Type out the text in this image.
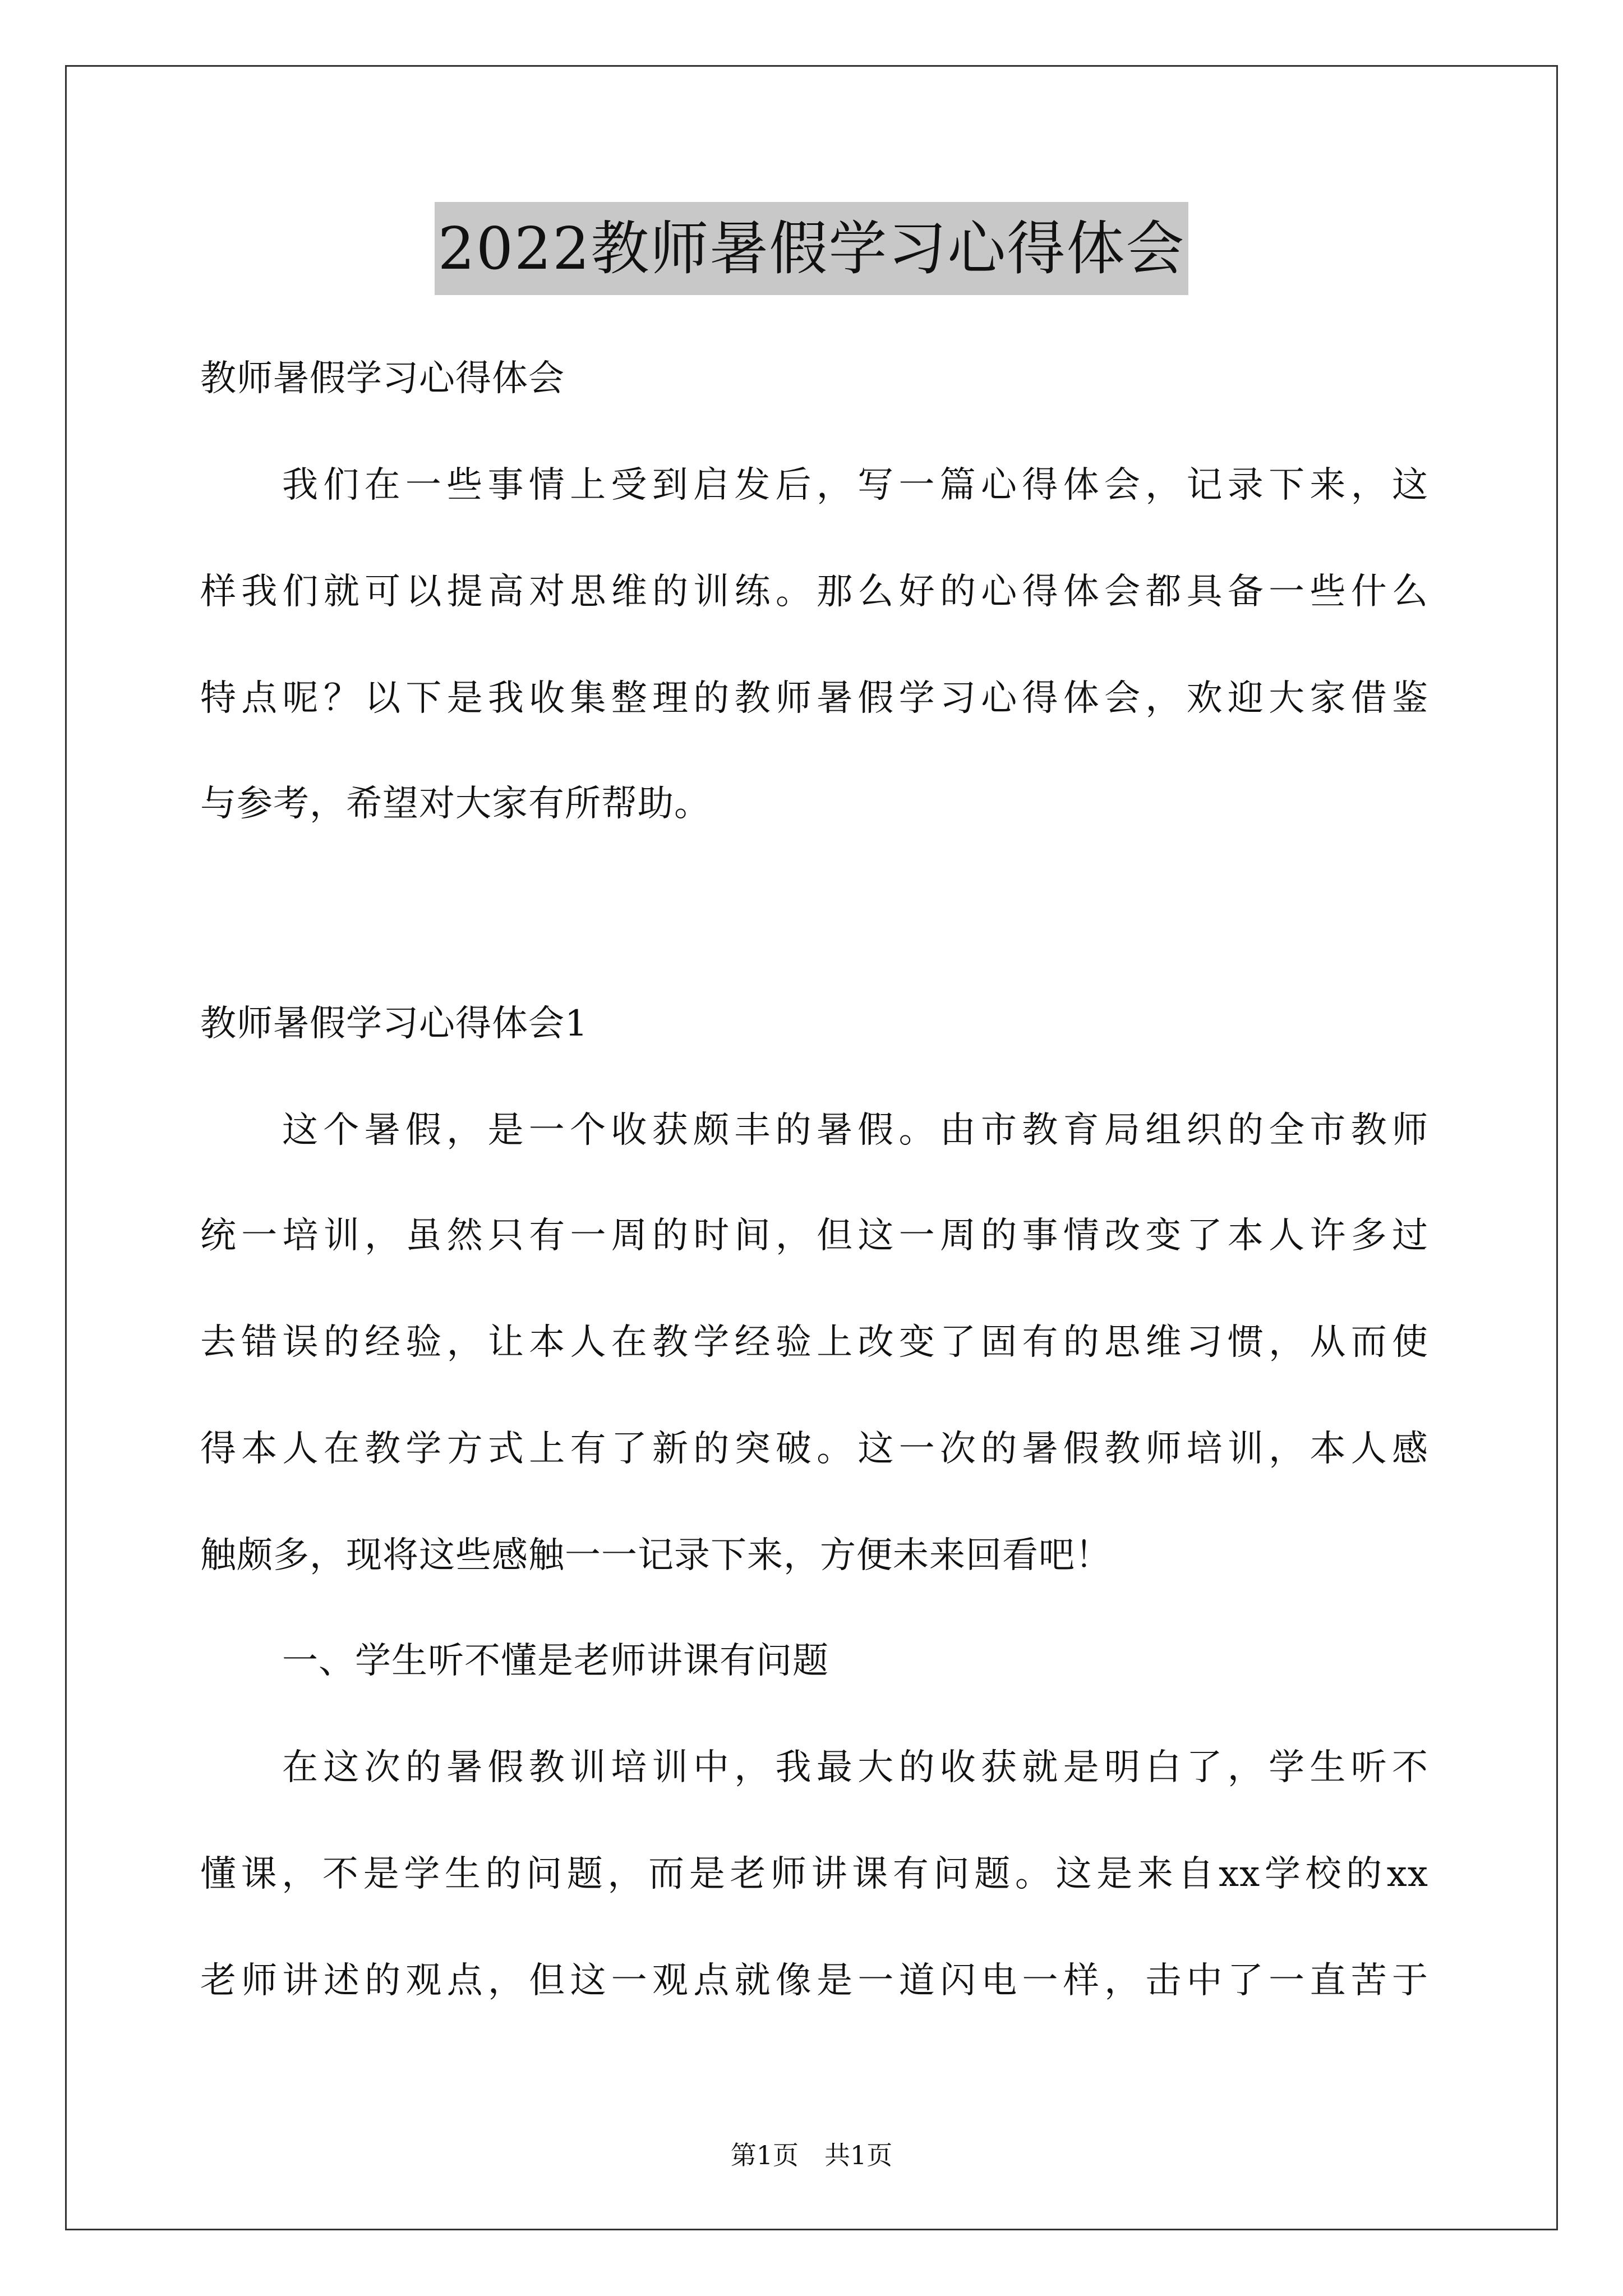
2022教师暑假学习心得体会
教师暑假学习心得体会
我们在一些事情上受到启发后，写一篇心得体会，记录下来，这
样我们就可以提高对思维的训练。那么好的心得体会都具备一些什么
特点呢？以下是我收集整理的教师暑假学习心得体会，欢迎大家借鉴
与参考，希望对大家有所帮助。
教师暑假学习心得体会1
这个暑假，是一个收获颇丰的暑假。由市教育局组织的全市教师
统一培训，虽然只有一周的时间，但这一周的事情改变了本人许多过
去错误的经验，让本人在教学经验上改变了固有的思维习惯，从而使
得本人在教学方式上有了新的突破。这一次的暑假教师培训，本人感
触颇多，现将这些感触一一记录下来，方便未来回看吧！
一、学生听不懂是老师讲课有问题
在这次的暑假教训培训中，我最大的收获就是明白了，学生听不
懂课，不是学生的问题，而是老师讲课有问题。这是来自xx学校的xx
老师讲述的观点，但这一观点就像是一道闪电一样，击中了一直苦于
第1页　共1页
